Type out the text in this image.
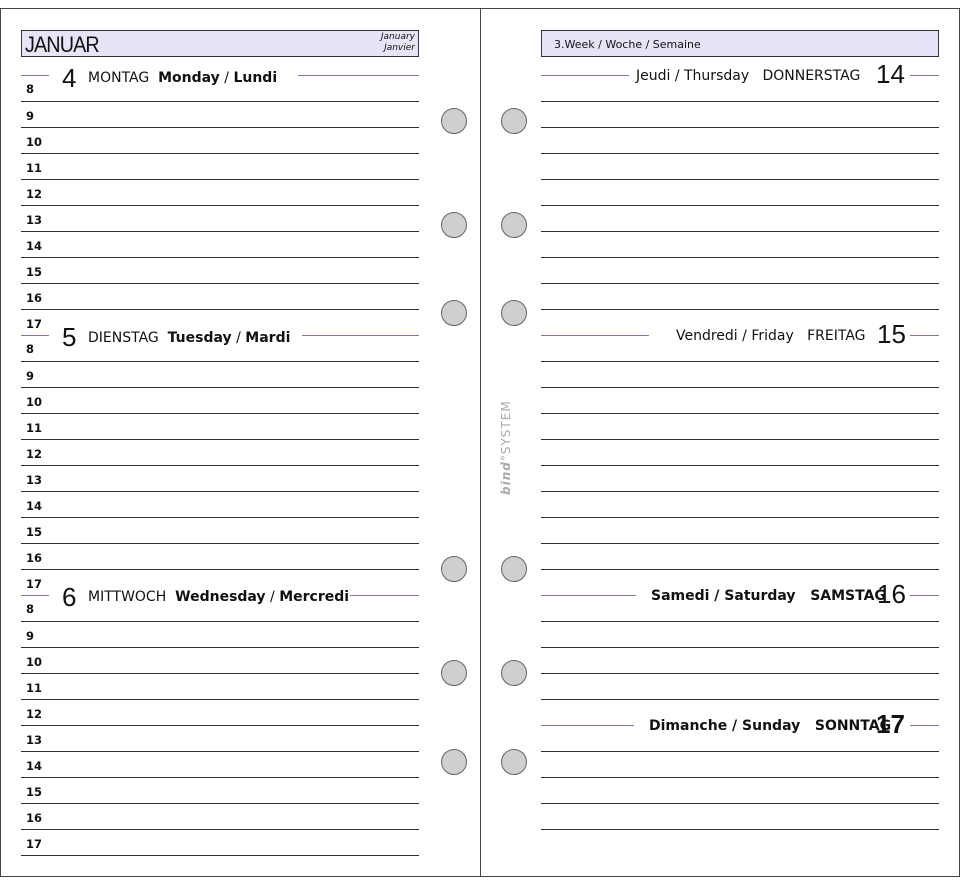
JANUAR	January
Janvier	3.Week / Woche / Semaine
8
9
10
11
12
13
14
15
16
17
8
9
10
11
12
13
14
15
16
17
8
9
10
11
12
13
14
15
16
17
4 MONTAG Monday / Lundi
5 DIENSTAG Tuesday / Mardi
6 MITTWOCH Wednesday / Mercredi
Jeudi / Thursday DONNERSTAG 14
Vendredi / Friday FREITAG 15
Samedi / Saturday SAMSTAG
16
Dimanche / Sunday SONNTAG
17
bind°SYSTEM
